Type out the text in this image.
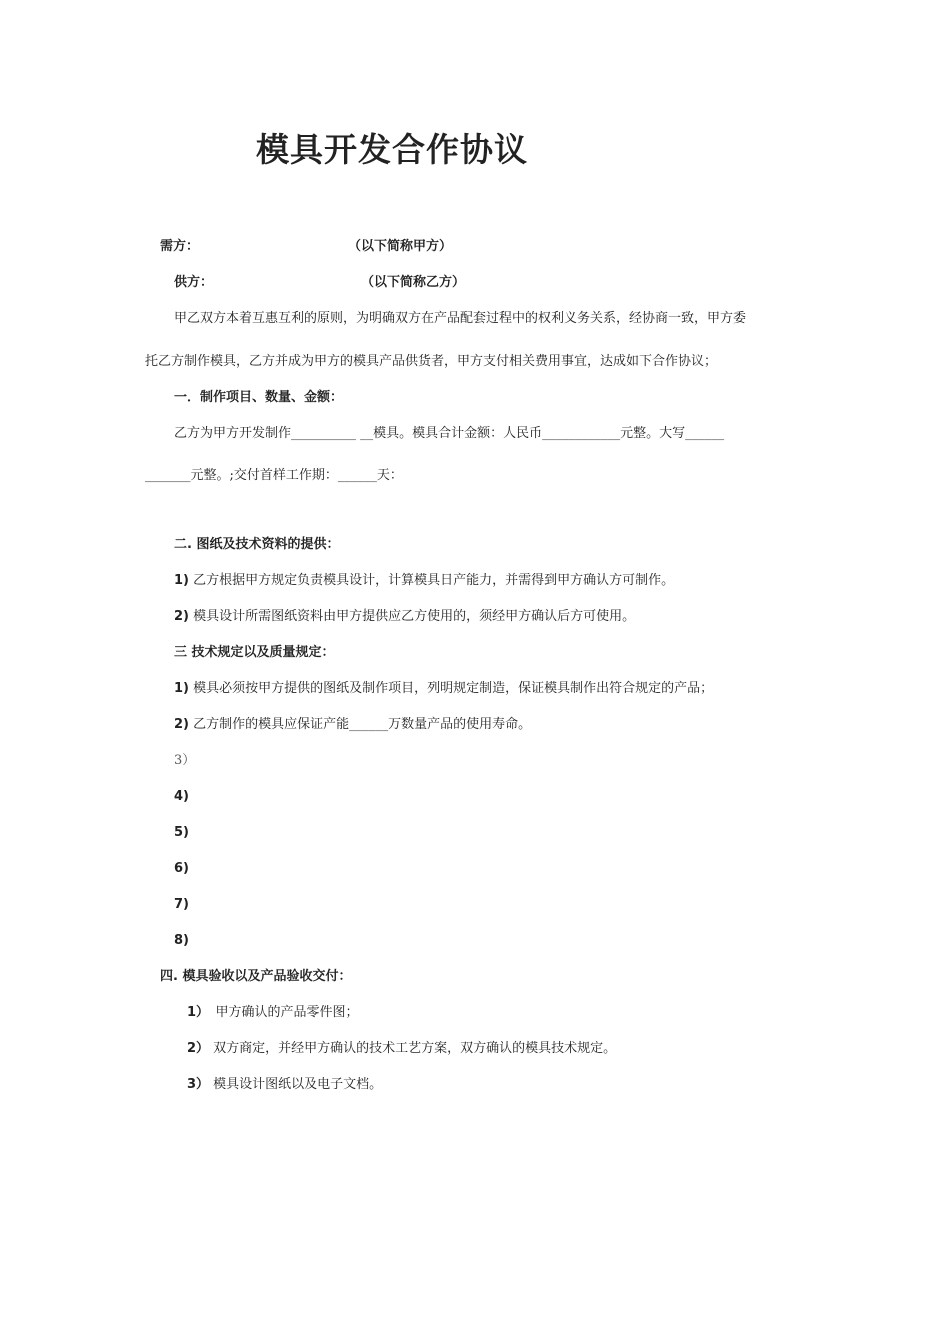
模具开发合作协议
需方：	（以下简称甲方）
供方：	（以下简称乙方）
甲乙双方本着互惠互利的原则，为明确双方在产品配套过程中的权利义务关系，经协商一致，甲方委
托乙方制作模具，乙方并成为甲方的模具产品供货者，甲方支付相关费用事宜，达成如下合作协议；
一．制作项目、数量、金额：
乙方为甲方开发制作__________ __模具。模具合计金额：人民币____________元整。大写______
_______元整。;交付首样工作期：______天：
二. 图纸及技术资料的提供：
1) 乙方根据甲方规定负责模具设计，计算模具日产能力，并需得到甲方确认方可制作。
2) 模具设计所需图纸资料由甲方提供应乙方使用的，须经甲方确认后方可使用。
三 技术规定以及质量规定：
1) 模具必须按甲方提供的图纸及制作项目，列明规定制造，保证模具制作出符合规定的产品；
2) 乙方制作的模具应保证产能______万数量产品的使用寿命。
3）
4)
5)
6)
7)
8)
四. 模具验收以及产品验收交付：
1）　甲方确认的产品零件图；
2） 双方商定，并经甲方确认的技术工艺方案，双方确认的模具技术规定。
3） 模具设计图纸以及电子文档。
